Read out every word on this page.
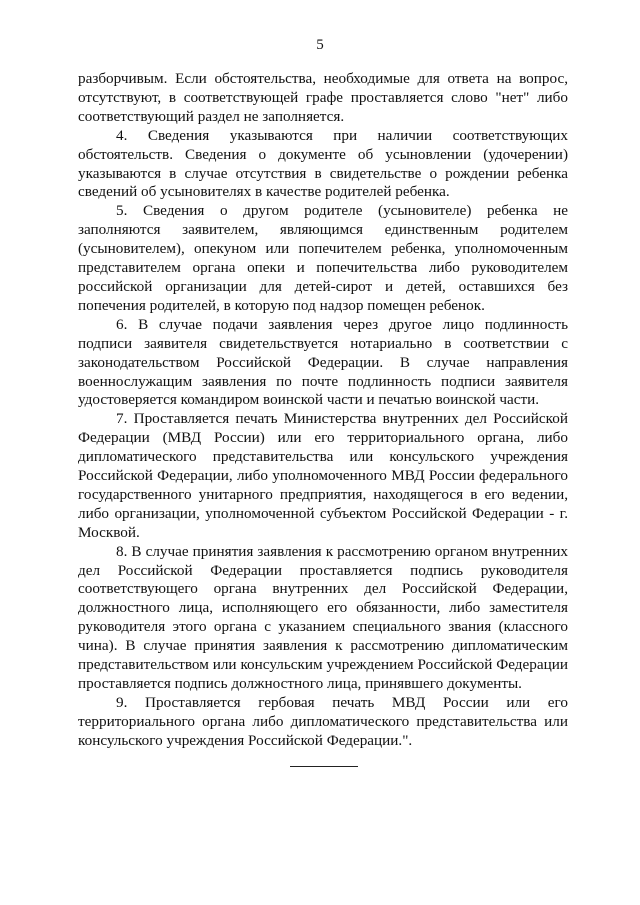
5

разборчивым. Если обстоятельства, необходимые для ответа на вопрос, отсутствуют, в соответствующей графе проставляется слово "нет" либо соответствующий раздел не заполняется.

4. Сведения указываются при наличии соответствующих обстоятельств. Сведения о документе об усыновлении (удочерении) указываются в случае отсутствия в свидетельстве о рождении ребенка сведений об усыновителях в качестве родителей ребенка.

5. Сведения о другом родителе (усыновителе) ребенка не заполняются заявителем, являющимся единственным родителем (усыновителем), опекуном или попечителем ребенка, уполномоченным представителем органа опеки и попечительства либо руководителем российской организации для детей-сирот и детей, оставшихся без попечения родителей, в которую под надзор помещен ребенок.

6. В случае подачи заявления через другое лицо подлинность подписи заявителя свидетельствуется нотариально в соответствии с законодательством Российской Федерации. В случае направления военнослужащим заявления по почте подлинность подписи заявителя удостоверяется командиром воинской части и печатью воинской части.

7. Проставляется печать Министерства внутренних дел Российской Федерации (МВД России) или его территориального органа, либо дипломатического представительства или консульского учреждения Российской Федерации, либо уполномоченного МВД России федерального государственного унитарного предприятия, находящегося в его ведении, либо организации, уполномоченной субъектом Российской Федерации - г. Москвой.

8. В случае принятия заявления к рассмотрению органом внутренних дел Российской Федерации проставляется подпись руководителя соответствующего органа внутренних дел Российской Федерации, должностного лица, исполняющего его обязанности, либо заместителя руководителя этого органа с указанием специального звания (классного чина). В случае принятия заявления к рассмотрению дипломатическим представительством или консульским учреждением Российской Федерации проставляется подпись должностного лица, принявшего документы.

9. Проставляется гербовая печать МВД России или его территориального органа либо дипломатического представительства или консульского учреждения Российской Федерации.".
